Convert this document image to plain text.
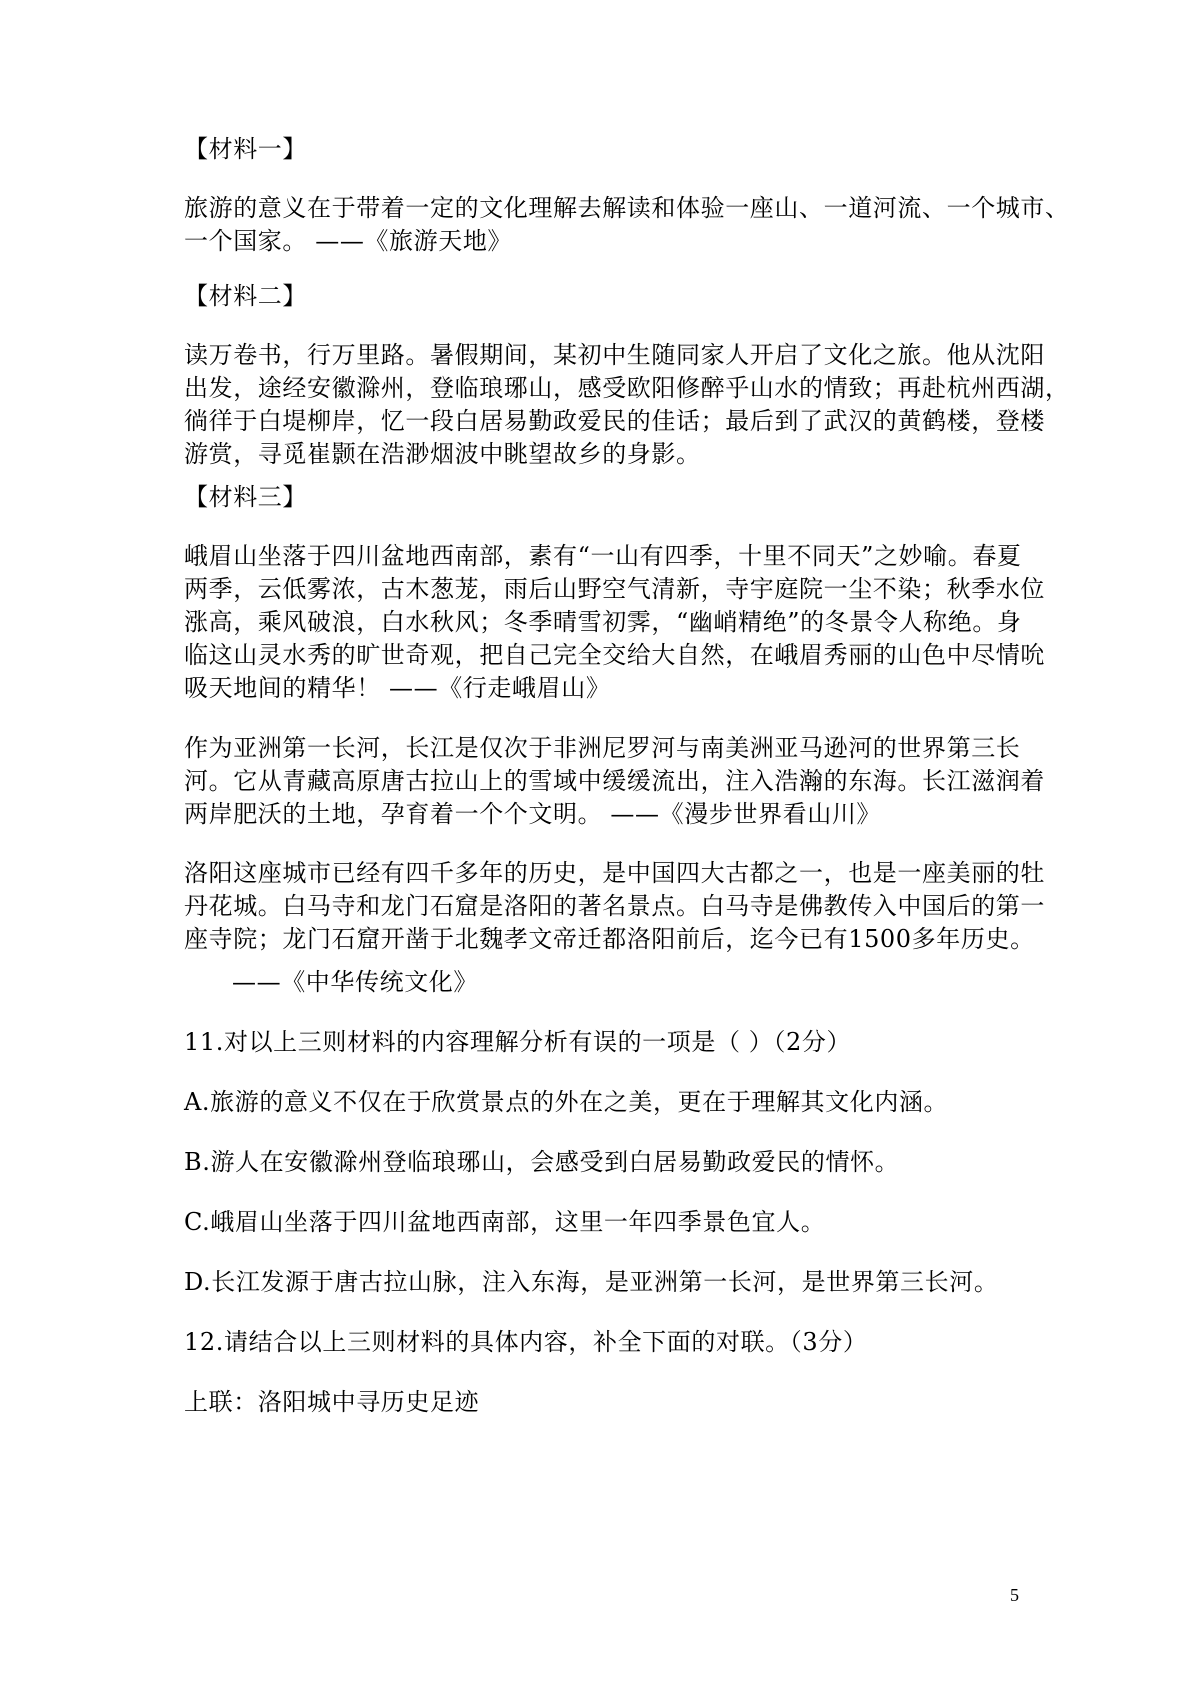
【材料一】
旅游的意义在于带着一定的文化理解去解读和体验一座山、一道河流、一个城市、
一个国家。 ——《旅游天地》
【材料二】
读万卷书，行万里路。暑假期间，某初中生随同家人开启了文化之旅。他从沈阳
出发，途经安徽滁州，登临琅琊山，感受欧阳修醉乎山水的情致；再赴杭州西湖，
徜徉于白堤柳岸，忆一段白居易勤政爱民的佳话；最后到了武汉的黄鹤楼，登楼
游赏，寻觅崔颢在浩渺烟波中眺望故乡的身影。
【材料三】
峨眉山坐落于四川盆地西南部，素有“一山有四季，十里不同天”之妙喻。春夏
两季，云低雾浓，古木葱茏，雨后山野空气清新，寺宇庭院一尘不染；秋季水位
涨高，乘风破浪，白水秋风；冬季晴雪初霁，“幽峭精绝”的冬景令人称绝。身
临这山灵水秀的旷世奇观，把自己完全交给大自然，在峨眉秀丽的山色中尽情吮
吸天地间的精华！ ——《行走峨眉山》
作为亚洲第一长河，长江是仅次于非洲尼罗河与南美洲亚马逊河的世界第三长
河。它从青藏高原唐古拉山上的雪域中缓缓流出，注入浩瀚的东海。长江滋润着
两岸肥沃的土地，孕育着一个个文明。 ——《漫步世界看山川》
洛阳这座城市已经有四千多年的历史，是中国四大古都之一，也是一座美丽的牡
丹花城。白马寺和龙门石窟是洛阳的著名景点。白马寺是佛教传入中国后的第一
座寺院；龙门石窟开凿于北魏孝文帝迁都洛阳前后，迄今已有1500多年历史。
——《中华传统文化》
11.对以上三则材料的内容理解分析有误的一项是（ ）（2分）
A.旅游的意义不仅在于欣赏景点的外在之美，更在于理解其文化内涵。
B.游人在安徽滁州登临琅琊山，会感受到白居易勤政爱民的情怀。
C.峨眉山坐落于四川盆地西南部，这里一年四季景色宜人。
D.长江发源于唐古拉山脉，注入东海，是亚洲第一长河，是世界第三长河。
12.请结合以上三则材料的具体内容，补全下面的对联。（3分）
上联：洛阳城中寻历史足迹
5
